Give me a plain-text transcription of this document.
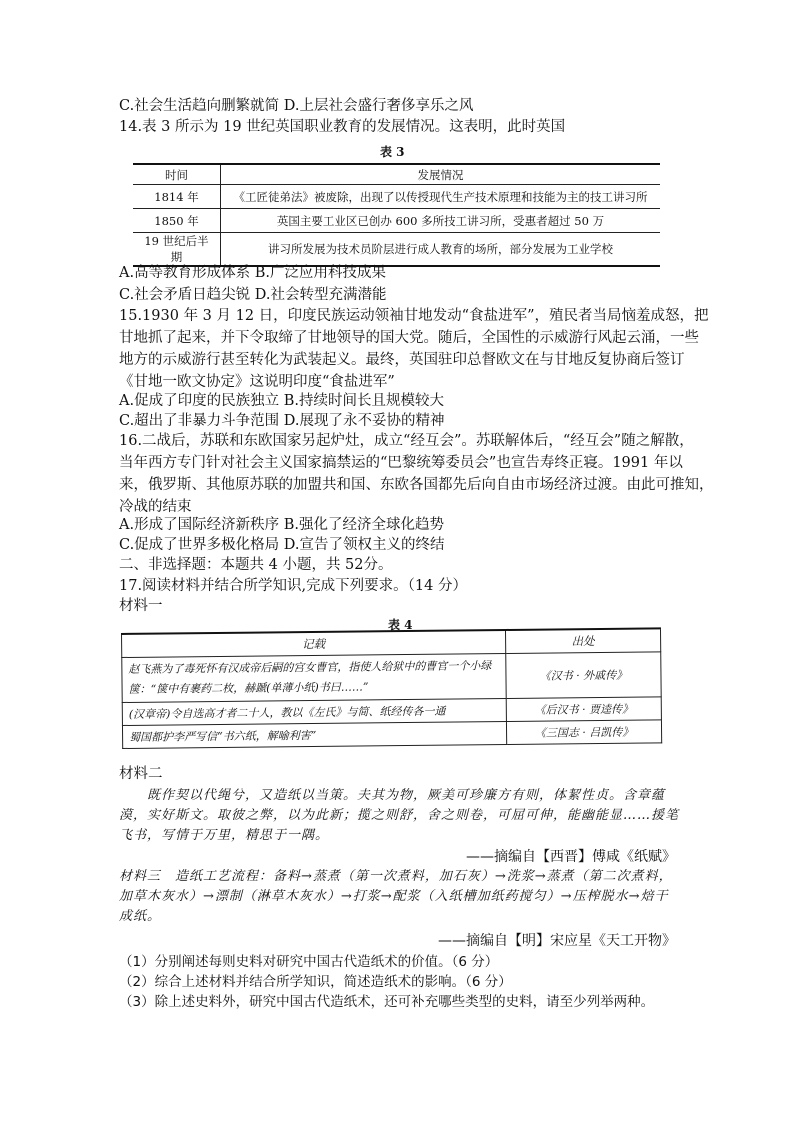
C.社会生活趋向删繁就简 D.上层社会盛行奢侈享乐之风
14.表 3 所示为 19 世纪英国职业教育的发展情况。这表明，此时英国
表 3
时间	发展情况
1814 年	《工匠徒弟法》被废除，出现了以传授现代生产技术原理和技能为主的技工讲习所
1850 年	英国主要工业区已创办 600 多所技工讲习所，受惠者超过 50 万
19 世纪后半期	讲习所发展为技术员阶层进行成人教育的场所，部分发展为工业学校
A.高等教育形成体系 B.广泛应用科技成果
C.社会矛盾日趋尖锐 D.社会转型充满潜能
15.1930 年 3 月 12 日，印度民族运动领袖甘地发动“食盐进军”，殖民者当局恼羞成怒，把
甘地抓了起来，并下令取缔了甘地领导的国大党。随后，全国性的示威游行风起云涌，一些
地方的示威游行甚至转化为武装起义。最终，英国驻印总督欧文在与甘地反复协商后签订
《甘地一欧文协定》这说明印度“食盐进军”
A.促成了印度的民族独立 B.持续时间长且规模较大
C.超出了非暴力斗争范围 D.展现了永不妥协的精神
16.二战后，苏联和东欧国家另起炉灶，成立“经互会”。苏联解体后，“经互会”随之解散，
当年西方专门针对社会主义国家搞禁运的“巴黎统筹委员会”也宣告寿终正寝。1991 年以
来，俄罗斯、其他原苏联的加盟共和国、东欧各国都先后向自由市场经济过渡。由此可推知，
冷战的结束
A.形成了国际经济新秩序 B.强化了经济全球化趋势
C.促成了世界多极化格局 D.宣告了领权主义的终结
二、非选择题：本题共 4 小题，共 52分。
17.阅读材料并结合所学知识,完成下列要求。（14 分）
材料一
表 4
记载	出处
赵飞燕为了毒死怀有汉成帝后嗣的宫女曹官，指使人给狱中的曹官一个小绿箧：“箧中有裹药二枚，赫蹏(单薄小纸)书曰……”	《汉书 · 外戚传》
(汉章帝)令自选高才者二十人，教以《左氏》与简、纸经传各一通	《后汉书 · 贾逵传》
蜀国都护李严写信“书六纸，解喻利害”	《三国志 · 吕凯传》
材料二
　　既作契以代绳兮，又造纸以当策。夫其为物，厥美可珍廉方有则，体絜性贞。含章蕴漠，实好斯文。取彼之弊，以为此新；揽之则舒，舍之则卷，可屈可伸，能幽能显……援笔飞书，写情于万里，精思于一隅。
——摘编自【西晋】傅咸《纸赋》
材料三　造纸工艺流程：备料→蒸煮（第一次煮料，加石灰）→洗浆→蒸煮（第二次煮料，加草木灰水）→漂制（淋草木灰水）→打浆→配浆（入纸槽加纸药搅匀）→压榨脱水→焙干成纸。
——摘编自【明】宋应星《天工开物》
（1）分别阐述每则史料对研究中国古代造纸术的价值。（6 分）
（2）综合上述材料并结合所学知识，简述造纸术的影响。（6 分）
（3）除上述史料外，研究中国古代造纸术，还可补充哪些类型的史料，请至少列举两种。
